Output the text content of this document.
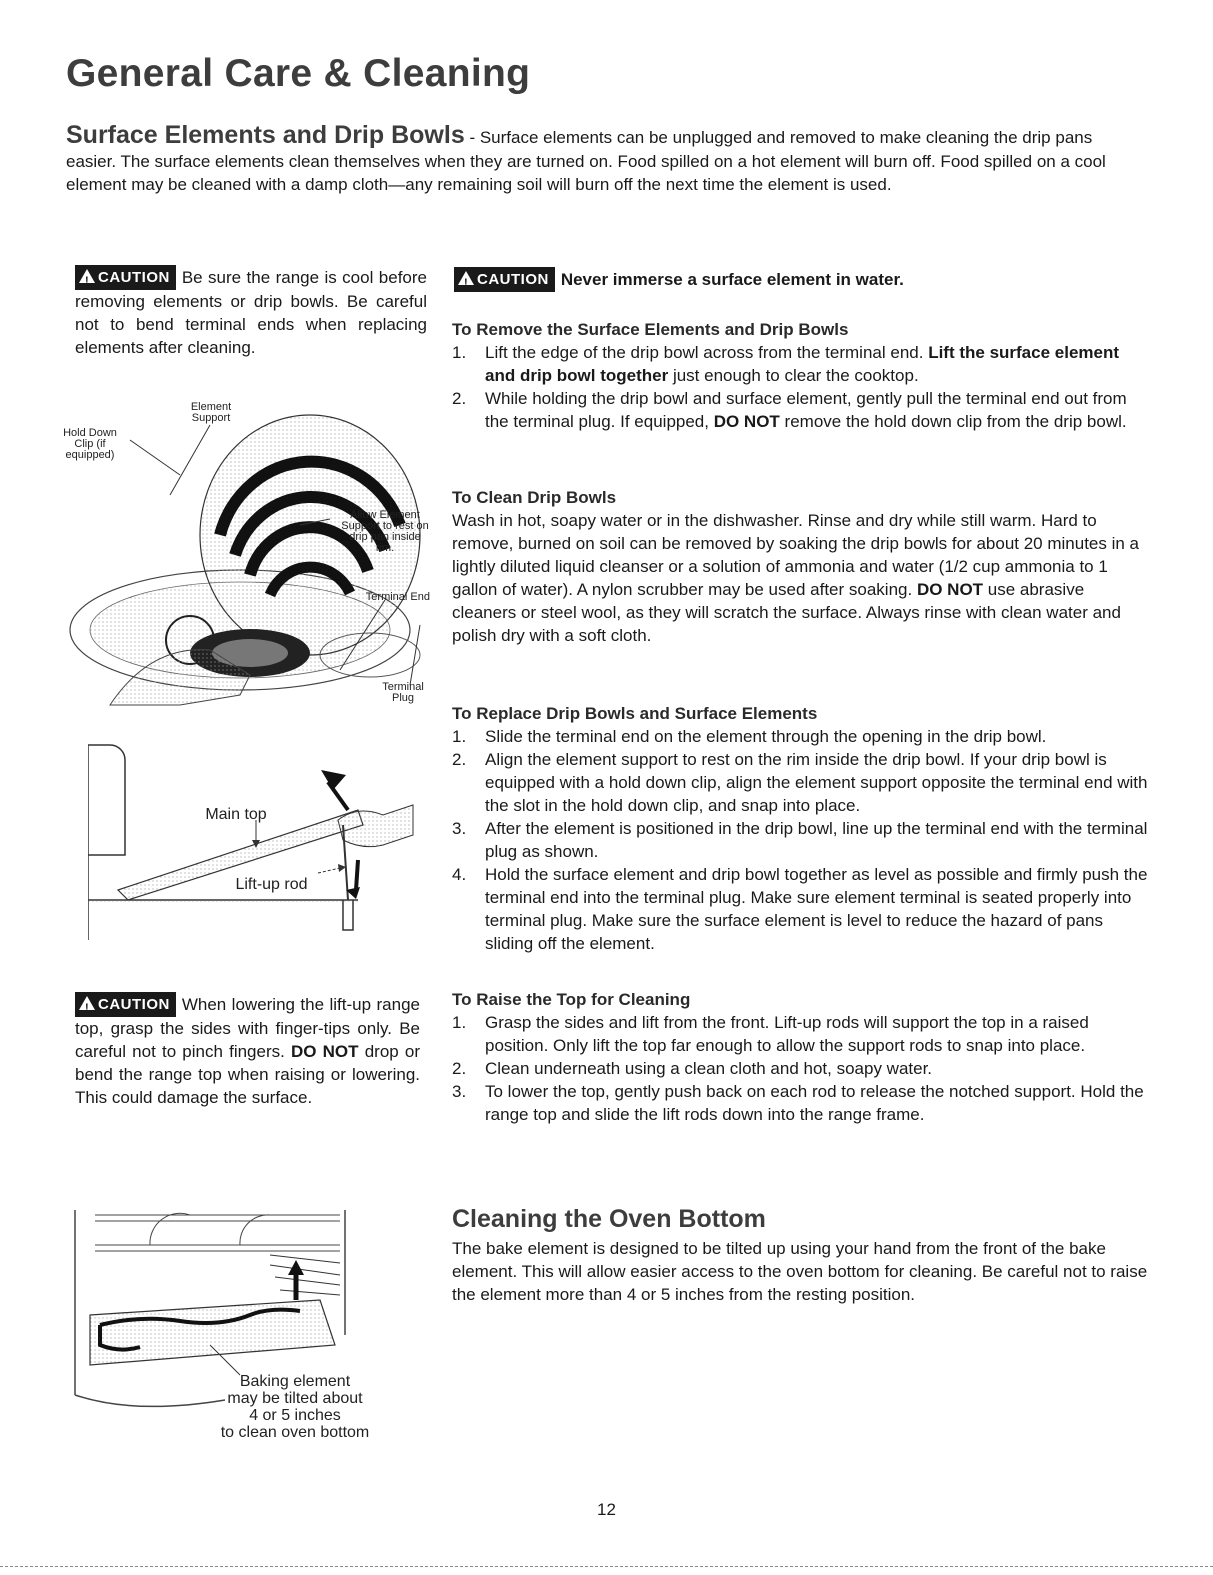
General Care & Cleaning
Surface Elements and Drip Bowls - Surface elements can be unplugged and removed to make cleaning the drip pans easier. The surface elements clean themselves when they are turned on. Food spilled on a hot element will burn off. Food spilled on a cool element may be cleaned with a damp cloth—any remaining soil will burn off the next time the element is used.
!CAUTION Be sure the range is cool before removing elements or drip bowls. Be careful not to bend terminal ends when replacing elements after cleaning.
Hold Down Clip (if equipped)
Element Support
Allow Element Support to rest on drip pan inside rim.
Terminal End
Terminal Plug
Main top
Lift-up rod
!CAUTION When lowering the lift-up range top, grasp the sides with finger-tips only. Be careful not to pinch fingers. DO NOT drop or bend the range top when raising or lowering. This could damage the surface.
Baking element
may be tilted about
4 or 5 inches
to clean oven bottom
!CAUTION Never immerse a surface element in water.
To Remove the Surface Elements and Drip Bowls
1. Lift the edge of the drip bowl across from the terminal end. Lift the surface element and drip bowl together just enough to clear the cooktop.
2. While holding the drip bowl and surface element, gently pull the terminal end out from the terminal plug. If equipped, DO NOT remove the hold down clip from the drip bowl.
To Clean Drip Bowls
Wash in hot, soapy water or in the dishwasher. Rinse and dry while still warm. Hard to remove, burned on soil can be removed by soaking the drip bowls for about 20 minutes in a lightly diluted liquid cleanser or a solution of ammonia and water (1/2 cup ammonia to 1 gallon of water). A nylon scrubber may be used after soaking. DO NOT use abrasive cleaners or steel wool, as they will scratch the surface. Always rinse with clean water and polish dry with a soft cloth.
To Replace Drip Bowls and Surface Elements
1. Slide the terminal end on the element through the opening in the drip bowl.
2. Align the element support to rest on the rim inside the drip bowl. If your drip bowl is equipped with a hold down clip, align the element support opposite the terminal end with the slot in the hold down clip, and snap into place.
3. After the element is positioned in the drip bowl, line up the terminal end with the terminal plug as shown.
4. Hold the surface element and drip bowl together as level as possible and firmly push the terminal end into the terminal plug. Make sure element terminal is seated properly into terminal plug. Make sure the surface element is level to reduce the hazard of pans sliding off the element.
To Raise the Top for Cleaning
1. Grasp the sides and lift from the front. Lift-up rods will support the top in a raised position. Only lift the top far enough to allow the support rods to snap into place.
2. Clean underneath using a clean cloth and hot, soapy water.
3. To lower the top, gently push back on each rod to release the notched support. Hold the range top and slide the lift rods down into the range frame.
Cleaning the Oven Bottom
The bake element is designed to be tilted up using your hand from the front of the bake element. This will allow easier access to the oven bottom for cleaning. Be careful not to raise the element more than 4 or 5 inches from the resting position.
12
